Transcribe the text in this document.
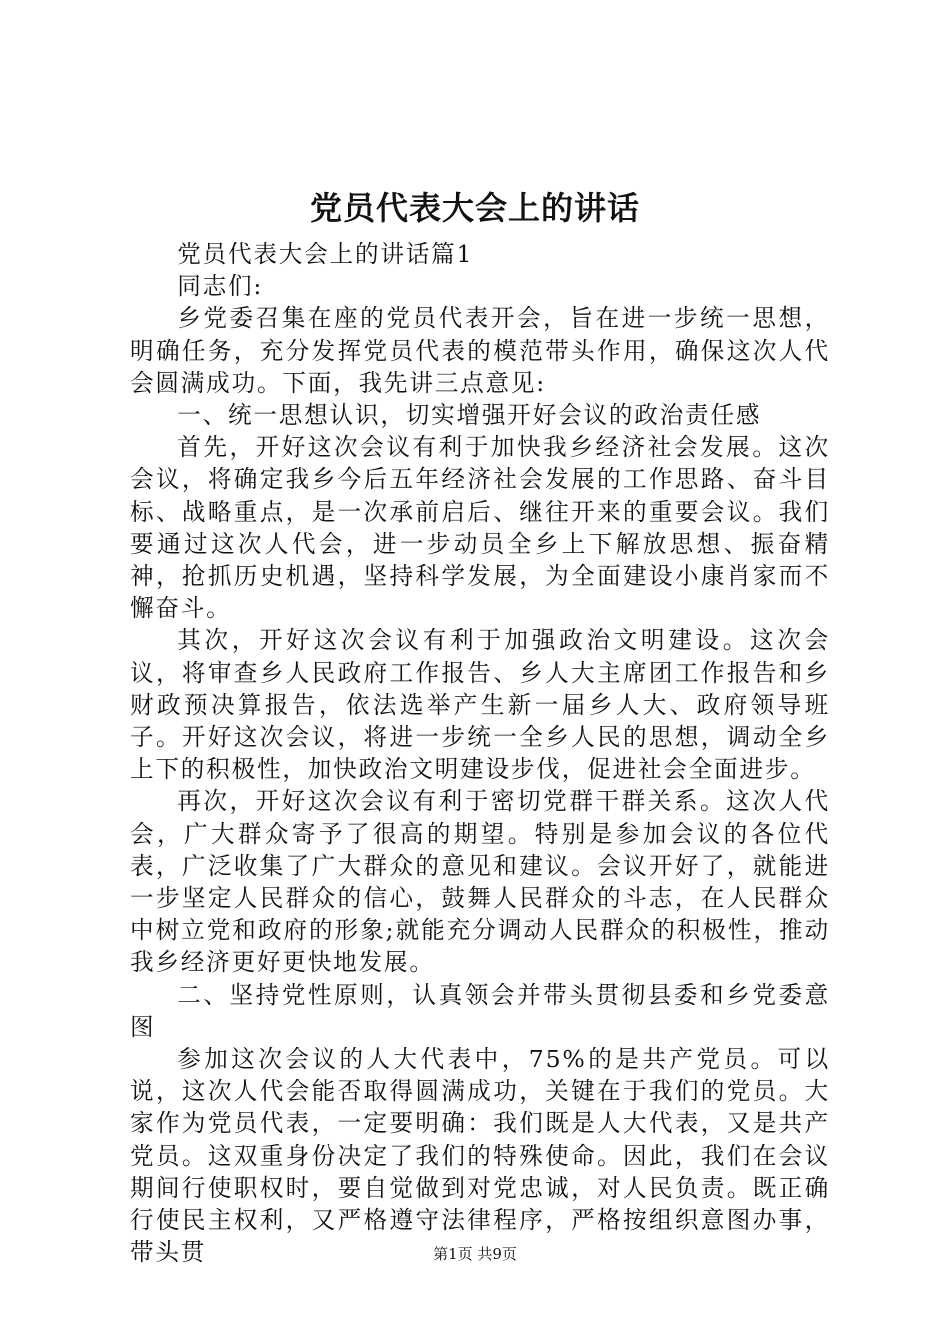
党员代表大会上的讲话

党员代表大会上的讲话篇1

同志们:

乡党委召集在座的党员代表开会，旨在进一步统一思想，明确任务，充分发挥党员代表的模范带头作用，确保这次人代会圆满成功。下面，我先讲三点意见:

一、统一思想认识，切实增强开好会议的政治责任感

首先，开好这次会议有利于加快我乡经济社会发展。这次会议，将确定我乡今后五年经济社会发展的工作思路、奋斗目标、战略重点，是一次承前启后、继往开来的重要会议。我们要通过这次人代会，进一步动员全乡上下解放思想、振奋精神，抢抓历史机遇，坚持科学发展，为全面建设小康肖家而不懈奋斗。

其次，开好这次会议有利于加强政治文明建设。这次会议，将审查乡人民政府工作报告、乡人大主席团工作报告和乡财政预决算报告，依法选举产生新一届乡人大、政府领导班子。开好这次会议，将进一步统一全乡人民的思想，调动全乡上下的积极性，加快政治文明建设步伐，促进社会全面进步。

再次，开好这次会议有利于密切党群干群关系。这次人代会，广大群众寄予了很高的期望。特别是参加会议的各位代表，广泛收集了广大群众的意见和建议。会议开好了，就能进一步坚定人民群众的信心，鼓舞人民群众的斗志，在人民群众中树立党和政府的形象;就能充分调动人民群众的积极性，推动我乡经济更好更快地发展。

二、坚持党性原则，认真领会并带头贯彻县委和乡党委意图

参加这次会议的人大代表中，75%的是共产党员。可以说，这次人代会能否取得圆满成功，关键在于我们的党员。大家作为党员代表，一定要明确：我们既是人大代表，又是共产党员。这双重身份决定了我们的特殊使命。因此，我们在会议期间行使职权时，要自觉做到对党忠诚，对人民负责。既正确行使民主权利，又严格遵守法律程序，严格按组织意图办事，带头贯	第1页 共9页
